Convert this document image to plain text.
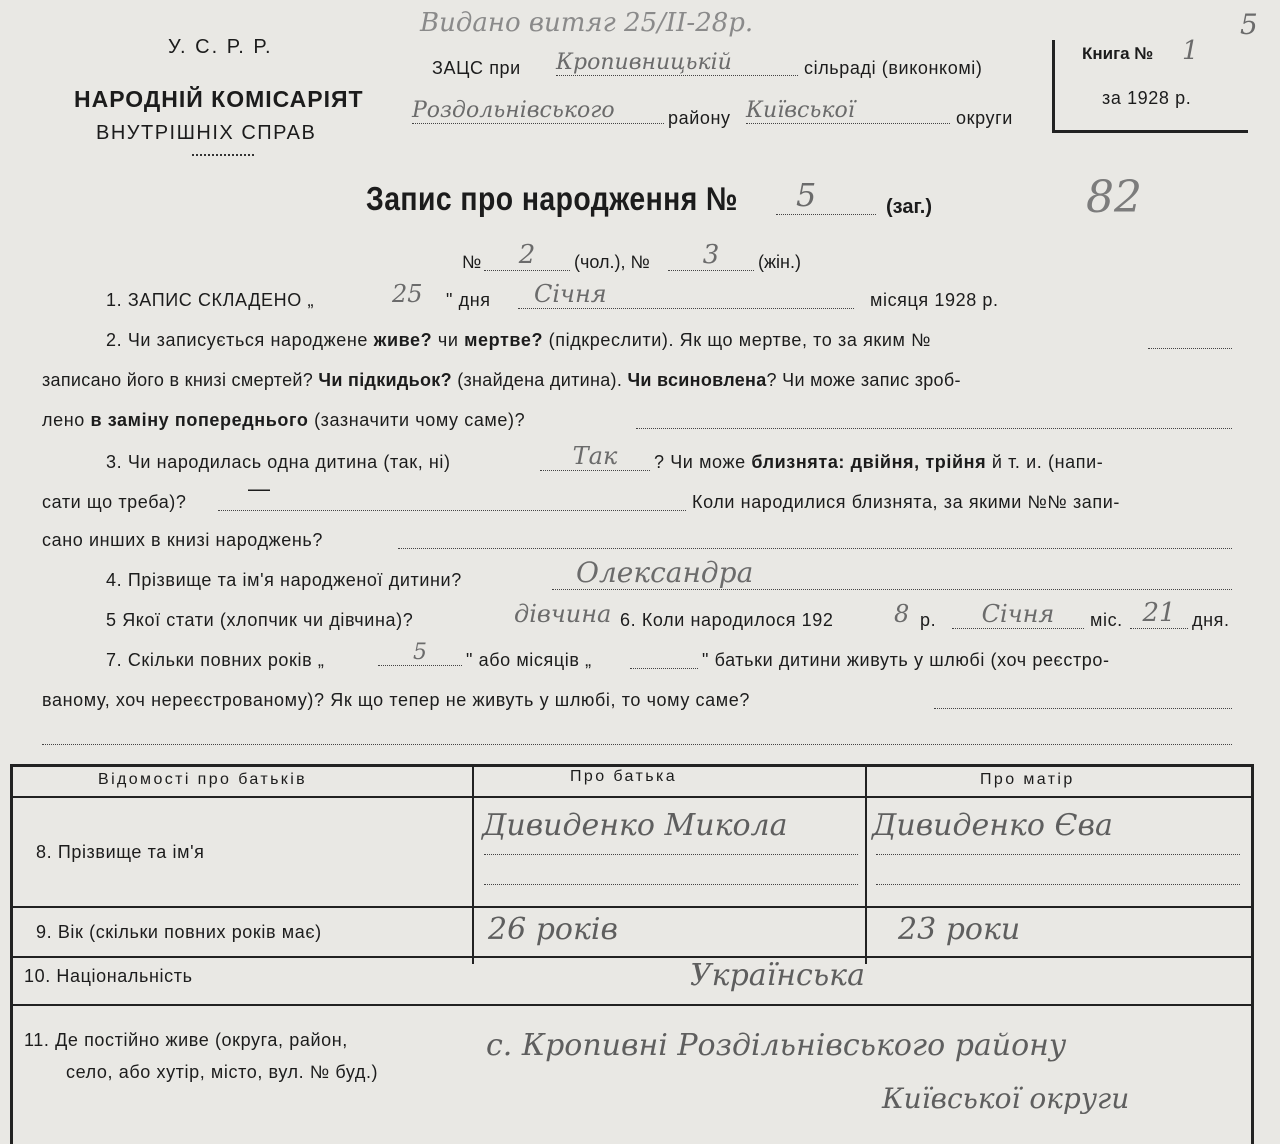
У. С. Р. Р.
НАРОДНІЙ КОМІСАРІЯТ
ВНУТРІШНІХ СПРАВ
Видано витяг 25/II-28р.	5
ЗАЦС при Кропивницькій	сільраді (виконкомі)
Роздольнівського	району Київської	округи
Книга № 1
за 1928 р.
Запис про народження №	5	(заг.)	82
№	2	(чол.), №	3	(жін.)
1. ЗАПИС СКЛАДЕНО „	25 " дня	Січня	місяця 1928 р.
2. Чи записується народжене живе? чи мертве? (підкреслити). Як що мертве, то за яким №
записано його в книзі смертей? Чи підкидьок? (знайдена дитина). Чи всиновлена? Чи може запис зроб-
лено в заміну попереднього (зазначити чому саме)?
3. Чи народилась одна дитина (так, ні)	Так	? Чи може близнята: двійня, трійня й т. и. (напи-
сати що треба)?
—
Коли народилися близнята, за якими №№ запи-
сано инших в книзі народжень?
4. Прізвище та ім'я народженої дитини?	Олександра
5 Якої стати (хлопчик чи дівчина)?	дівчина 6. Коли народилося 192	8 р.	Січня	міс. 21 дня.
7. Скільки повних років „	5	" або місяців „	" батьки дитини живуть у шлюбі (хоч реєстро-
ваному, хоч нереєстрованому)? Як що тепер не живуть у шлюбі, то чому саме?
Відомості про батьків	Про батька	Про матір
8. Прізвище та ім'я
Дивиденко Микола	Дивиденко Єва
9. Вік (скільки повних років має)	26 років	23 роки
10. Національність	Українська
11. Де постійно живе (округа, район,
село, або хутір, місто, вул. № буд.)
с. Кропивні Роздільнівського району
Київської округи
